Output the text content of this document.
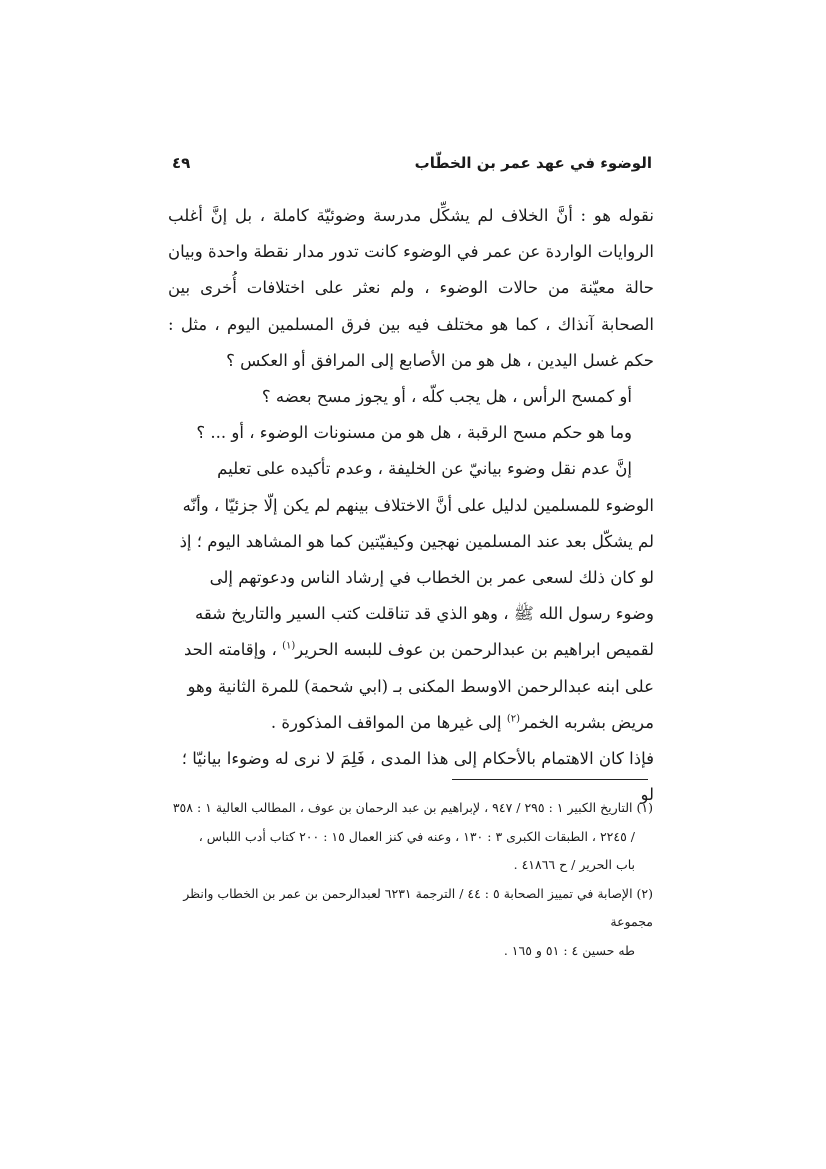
الوضوء في عهد عمر بن الخطّاب
٤٩

نقوله هو : أنَّ الخلاف لم يشكِّل مدرسة وضوئيّة كاملة ، بل إنَّ أغلب الروايات الواردة عن عمر في الوضوء كانت تدور مدار نقطة واحدة وبيان حالة معيّنة من حالات الوضوء ، ولم نعثر على اختلافات أُخرى بين الصحابة آنذاك ، كما هو مختلف فيه بين فرق المسلمين اليوم ، مثل : حكم غسل اليدين ، هل هو من الأصابع إلى المرافق أو العكس ؟

أو كمسح الرأس ، هل يجب كلّه ، أو يجوز مسح بعضه ؟

وما هو حكم مسح الرقبة ، هل هو من مسنونات الوضوء ، أو ... ؟

إنَّ عدم نقل وضوء بيانيّ عن الخليفة ، وعدم تأكيده على تعليم الوضوء للمسلمين لدليل على أنَّ الاختلاف بينهم لم يكن إلّا جزئيّا ، وأنّه لم يشكّل بعد عند المسلمين نهجين وكيفيّتين كما هو المشاهد اليوم ؛ إذ لو كان ذلك لسعى عمر بن الخطاب في إرشاد الناس ودعوتهم إلى وضوء رسول الله ﷺ ، وهو الذي قد تناقلت كتب السير والتاريخ شقه لقميص ابراهيم بن عبدالرحمن بن عوف للبسه الحرير$^{(١)}$ ، وإقامته الحد على ابنه عبدالرحمن الاوسط المكنى بـ (ابي شحمة) للمرة الثانية وهو مريض بشربه الخمر$^{(٢)}$ إلى غيرها من المواقف المذكورة .

فإذا كان الاهتمام بالأحكام إلى هذا المدى ، فَلِمَ لا نرى له وضوءا بيانيّا ؛ لو

(١) التاريخ الكبير ١ : ٢٩٥ / ٩٤٧ ، لإبراهيم بن عبد الرحمان بن عوف ، المطالب العالية ١ : ٣٥٨

/ ٢٢٤٥ ، الطبقات الكبرى ٣ : ١٣٠ ، وعنه في كنز العمال ١٥ : ٢٠٠ كتاب أدب اللباس ،

باب الحرير / ح ٤١٨٦٦ .

(٢) الإصابة في تمييز الصحابة ٥ : ٤٤ / الترجمة ٦٢٣١ لعبدالرحمن بن عمر بن الخطاب وانظر مجموعة

طه حسين ٤ : ٥١ و ١٦٥ .
